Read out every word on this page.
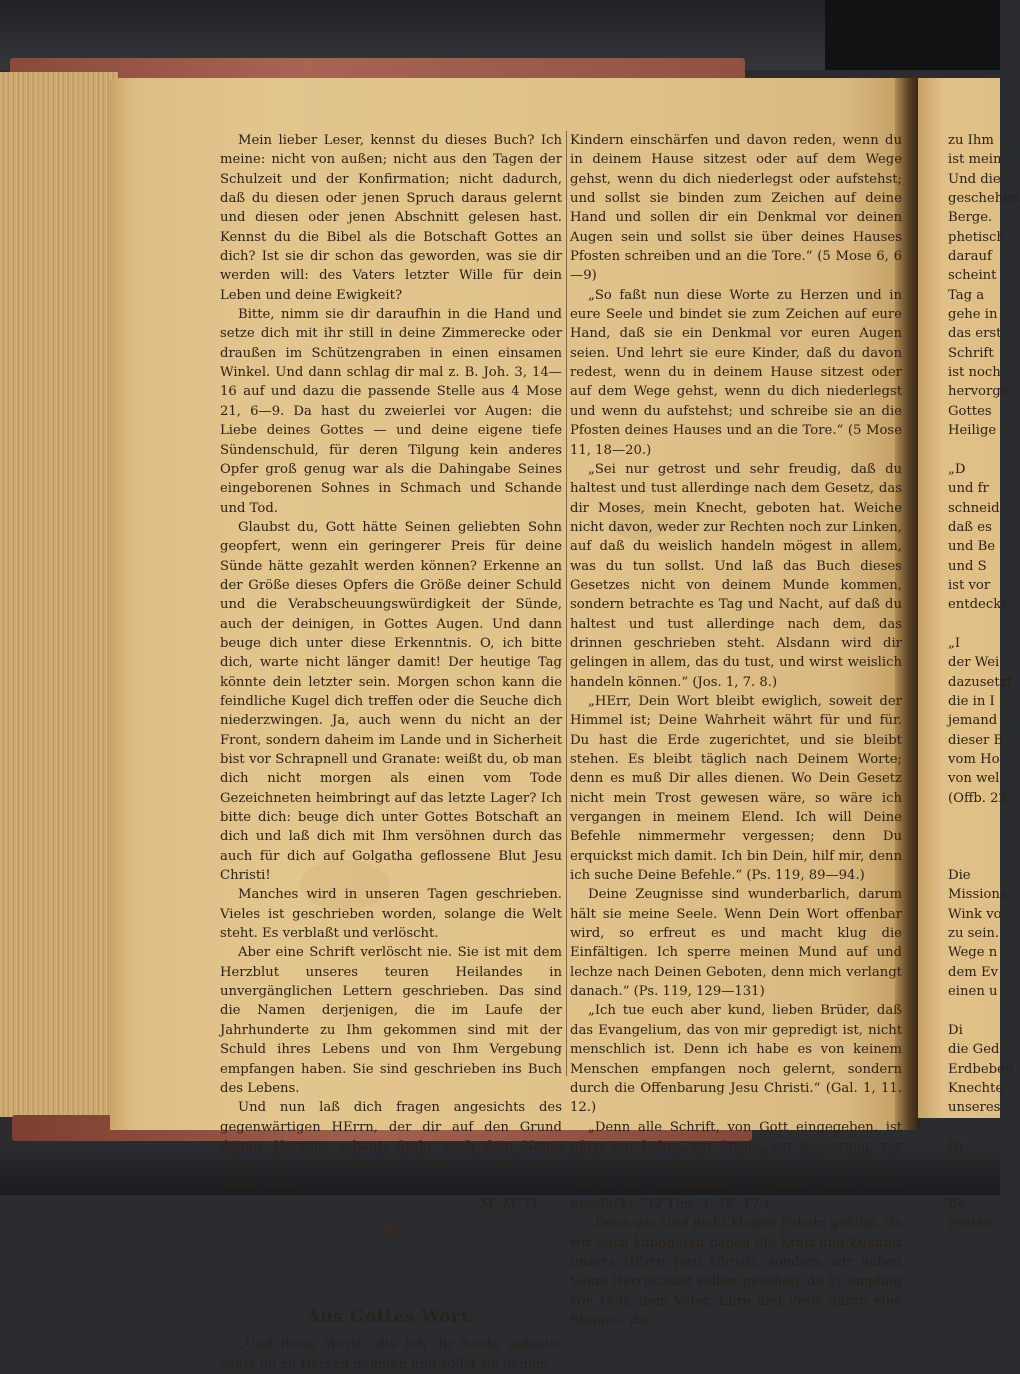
Mein lieber Leser, kennst du dieses Buch? Ich meine: nicht von außen; nicht aus den Tagen der Schulzeit und der Konfirmation; nicht dadurch, daß du diesen oder jenen Spruch daraus gelernt und diesen oder jenen Abschnitt gelesen hast. Kennst du die Bibel als die Botschaft Gottes an dich? Ist sie dir schon das geworden, was sie dir werden will: des Vaters letzter Wille für dein Leben und deine Ewigkeit?

Bitte, nimm sie dir daraufhin in die Hand und setze dich mit ihr still in deine Zimmerecke oder draußen im Schützengraben in einen einsamen Winkel. Und dann schlag dir mal z. B. Joh. 3, 14—16 auf und dazu die passende Stelle aus 4 Mose 21, 6—9. Da hast du zweierlei vor Augen: die Liebe deines Gottes — und deine eigene tiefe Sündenschuld, für deren Tilgung kein anderes Opfer groß genug war als die Dahingabe Seines eingeborenen Sohnes in Schmach und Schande und Tod.

Glaubst du, Gott hätte Seinen geliebten Sohn geopfert, wenn ein geringerer Preis für deine Sünde hätte gezahlt werden können? Erkenne an der Größe dieses Opfers die Größe deiner Schuld und die Verabscheuungswürdigkeit der Sünde, auch der deinigen, in Gottes Augen. Und dann beuge dich unter diese Erkenntnis. O, ich bitte dich, warte nicht länger damit! Der heutige Tag könnte dein letzter sein. Morgen schon kann die feindliche Kugel dich treffen oder die Seuche dich niederzwingen. Ja, auch wenn du nicht an der Front, sondern daheim im Lande und in Sicherheit bist vor Schrapnell und Granate: weißt du, ob man dich nicht morgen als einen vom Tode Gezeichneten heimbringt auf das letzte Lager? Ich bitte dich: beuge dich unter Gottes Botschaft an dich und laß dich mit Ihm versöhnen durch das auch für dich auf Golgatha geflossene Blut Jesu Christi!

Manches wird in unseren Tagen geschrieben. Vieles ist geschrieben worden, solange die Welt steht. Es verblaßt und verlöscht.

Aber eine Schrift verlöscht nie. Sie ist mit dem Herzblut unseres teuren Heilandes in unvergänglichen Lettern geschrieben. Das sind die Namen derjenigen, die im Laufe der Jahrhunderte zu Ihm gekommen sind mit der Schuld ihres Lebens und von Ihm Vergebung empfangen haben. Sie sind geschrieben ins Buch des Lebens.

Und nun laß dich fragen angesichts des gegenwärtigen HErrn, der dir auf den Grund deines Herzens schaut: Steht auch dein Name schon dort angeschrieben? Sonst eile und rette deine Seele!

M. M. M.

❦
Sie dürfen
und Arbeit
unsre und
Aus Gottes Wort.

„Und diese Worte, die Ich dir heute gebiete, sollst du zu Herzen nehmen und sollst sie deinen

Kindern einschärfen und davon reden, wenn du in deinem Hause sitzest oder auf dem Wege gehst, wenn du dich niederlegst oder aufstehst; und sollst sie binden zum Zeichen auf deine Hand und sollen dir ein Denkmal vor deinen Augen sein und sollst sie über deines Hauses Pfosten schreiben und an die Tore.“ (5 Mose 6, 6—9)

„So faßt nun diese Worte zu Herzen und in eure Seele und bindet sie zum Zeichen auf eure Hand, daß sie ein Denkmal vor euren Augen seien. Und lehrt sie eure Kinder, daß du davon redest, wenn du in deinem Hause sitzest oder auf dem Wege gehst, wenn du dich niederlegst und wenn du aufstehst; und schreibe sie an die Pfosten deines Hauses und an die Tore.“ (5 Mose 11, 18—20.)

„Sei nur getrost und sehr freudig, daß du haltest und tust allerdinge nach dem Gesetz, das dir Moses, mein Knecht, geboten hat. Weiche nicht davon, weder zur Rechten noch zur Linken, auf daß du weislich handeln mögest in allem, was du tun sollst. Und laß das Buch dieses Gesetzes nicht von deinem Munde kommen, sondern betrachte es Tag und Nacht, auf daß du haltest und tust allerdinge nach dem, das drinnen geschrieben steht. Alsdann wird dir gelingen in allem, das du tust, und wirst weislich handeln können.“ (Jos. 1, 7. 8.)

„HErr, Dein Wort bleibt ewiglich, soweit der Himmel ist; Deine Wahrheit währt für und für. Du hast die Erde zugerichtet, und sie bleibt stehen. Es bleibt täglich nach Deinem Worte; denn es muß Dir alles dienen. Wo Dein Gesetz nicht mein Trost gewesen wäre, so wäre ich vergangen in meinem Elend. Ich will Deine Befehle nimmermehr vergessen; denn Du erquickst mich damit. Ich bin Dein, hilf mir, denn ich suche Deine Befehle.“ (Ps. 119, 89—94.)

Deine Zeugnisse sind wunderbarlich, darum hält sie meine Seele. Wenn Dein Wort offenbar wird, so erfreut es und macht klug die Einfältigen. Ich sperre meinen Mund auf und lechze nach Deinen Geboten, denn mich verlangt danach.“ (Ps. 119, 129—131)

„Ich tue euch aber kund, lieben Brüder, daß das Evangelium, das von mir gepredigt ist, nicht menschlich ist. Denn ich habe es von keinem Menschen empfangen noch gelernt, sondern durch die Offenbarung Jesu Christi.“ (Gal. 1, 11. 12.)

„Denn alle Schrift, von Gott eingegeben, ist nütze zur Lehre, zur Strafe, zur Besserung, zur Züchtigung in der Gerechtigkeit, daß ein Mensch Gottes sei vollkommen, zu allem guten Werk geschickt.“ (2 Tim. 3, 16. 17.)

„Denn wir sind nicht klugen Fabeln gefolgt, da wir euch kundgetan haben die Kraft und Zukunft unsers HErrn Jesu Christi, sondern wir haben Seine Herrlichkeit selber gesehen, da Er empfing von Gott, dem Vater, Ehre und Preis durch eine Stimme, die

zu Ihm
ist mein
Und die
geschehen
Berge.
phetisch
darauf
scheint
Tag a
gehe in
das erst
Schrift
ist noch
hervorge
Gottes
Heilige
„D
und fr
schneid
daß es
und Be
und S
ist vor
entdeckt
„I
der Wei
dazusetzt
die in I
jemand
dieser B
vom Ho
von wel
(Offb. 22
Die
Missions
Wink vo
zu sein.
Wege n
dem Ev
einen u
Di
die Ged
Erdbeben
Knechte
unseres
Di
war ver
Be
redete,
